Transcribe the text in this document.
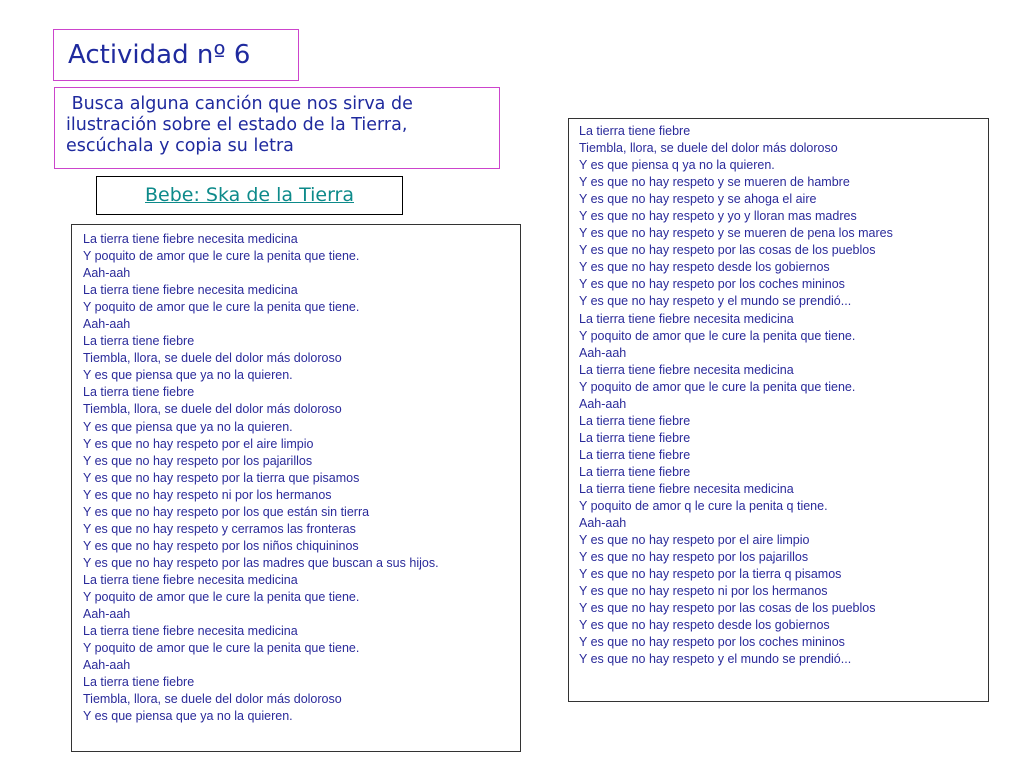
Actividad nº 6
Busca alguna canción que nos sirva de ilustración sobre el estado de la Tierra, escúchala y copia su letra
Bebe: Ska de la Tierra
La tierra tiene fiebre necesita medicina
Y poquito de amor que le cure la penita que tiene.
Aah-aah
La tierra tiene fiebre necesita medicina
Y poquito de amor que le cure la penita que tiene.
Aah-aah
La tierra tiene fiebre
Tiembla, llora, se duele del dolor más doloroso
Y es que piensa que ya no la quieren.
La tierra tiene fiebre
Tiembla, llora, se duele del dolor más doloroso
Y es que piensa que ya no la quieren.
Y es que no hay respeto por el aire limpio
Y es que no hay respeto por los pajarillos
Y es que no hay respeto por la tierra que pisamos
Y es que no hay respeto ni por los hermanos
Y es que no hay respeto por los que están sin tierra
Y es que no hay respeto y cerramos las fronteras
Y es que no hay respeto por los niños chiquininos
Y es que no hay respeto por las madres que buscan a sus hijos.
La tierra tiene fiebre necesita medicina
Y poquito de amor que le cure la penita que tiene.
Aah-aah
La tierra tiene fiebre necesita medicina
Y poquito de amor que le cure la penita que tiene.
Aah-aah
La tierra tiene fiebre
Tiembla, llora, se duele del dolor más doloroso
Y es que piensa que ya no la quieren.
La tierra tiene fiebre
Tiembla, llora, se duele del dolor más doloroso
Y es que piensa q ya no la quieren.
Y es que no hay respeto y se mueren de hambre
Y es que no hay respeto y se ahoga el aire
Y es que no hay respeto y yo y lloran mas madres
Y es que no hay respeto y se mueren de pena los mares
Y es que no hay respeto por las cosas de los pueblos
Y es que no hay respeto desde los gobiernos
Y es que no hay respeto por los coches mininos
Y es que no hay respeto y el mundo se prendió...
La tierra tiene fiebre necesita medicina
Y poquito de amor que le cure la penita que tiene.
Aah-aah
La tierra tiene fiebre necesita medicina
Y poquito de amor que le cure la penita que tiene.
Aah-aah
La tierra tiene fiebre
La tierra tiene fiebre
La tierra tiene fiebre
La tierra tiene fiebre
La tierra tiene fiebre necesita medicina
Y poquito de amor q le cure la penita q tiene.
Aah-aah
Y es que no hay respeto por el aire limpio
Y es que no hay respeto por los pajarillos
Y es que no hay respeto por la tierra q pisamos
Y es que no hay respeto ni por los hermanos
Y es que no hay respeto por las cosas de los pueblos
Y es que no hay respeto desde los gobiernos
Y es que no hay respeto por los coches mininos
Y es que no hay respeto y el mundo se prendió...
